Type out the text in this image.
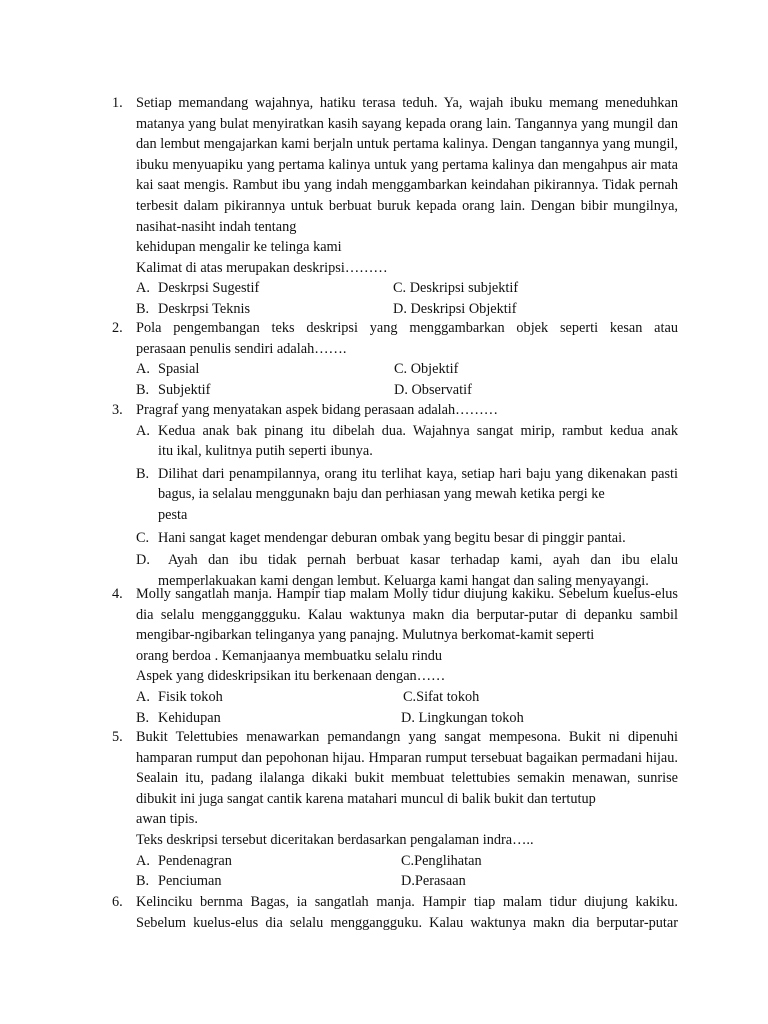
1. Setiap memandang wajahnya, hatiku terasa teduh. Ya, wajah ibuku memang meneduhkan matanya yang bulat menyiratkan kasih sayang kepada orang lain. Tangannya yang mungil dan dan lembut mengajarkan kami berjaln untuk pertama kalinya. Dengan tangannya yang mungil, ibuku menyuapiku yang pertama kalinya untuk yang pertama kalinya dan mengahpus air mata kai saat mengis. Rambut ibu yang indah menggambarkan keindahan pikirannya. Tidak pernah terbesit dalam pikirannya untuk berbuat buruk kepada orang lain. Dengan bibir mungilnya, nasihat-nasiht indah tentang
kehidupan mengalir ke telinga kami
Kalimat di atas merupakan deskripsi………
A. Deskrpsi Sugestif	C. Deskripsi subjektif
B. Deskrpsi Teknis	D. Deskripsi Objektif
2. Pola pengembangan teks deskripsi yang menggambarkan objek seperti kesan atau
perasaan penulis sendiri adalah…….
A. Spasial	C. Objektif
B. Subjektif	D. Observatif
3. Pragraf yang menyatakan aspek bidang perasaan adalah………
A. Kedua anak bak pinang itu dibelah dua. Wajahnya sangat mirip, rambut kedua anak
itu ikal, kulitnya putih seperti ibunya.
B. Dilihat dari penampilannya, orang itu terlihat kaya, setiap hari baju yang dikenakan pasti bagus, ia selalau menggunakn baju dan perhiasan yang mewah ketika pergi ke
pesta
C. Hani sangat kaget mendengar deburan ombak yang begitu besar di pinggir pantai.
D.	Ayah dan ibu tidak pernah berbuat kasar terhadap kami, ayah dan ibu elalu
memperlakuakan kami dengan lembut. Keluarga kami hangat dan saling menyayangi.
4. Molly sangatlah manja. Hampir tiap malam Molly tidur diujung kakiku. Sebelum kuelus-elus dia selalu mengganggguku. Kalau waktunya makn dia berputar-putar di depanku sambil mengibar-ngibarkan telinganya yang panajng. Mulutnya berkomat-kamit seperti
orang berdoa . Kemanjaanya membuatku selalu rindu
Aspek yang dideskripsikan itu berkenaan dengan……
A. Fisik tokoh	C.Sifat tokoh
B. Kehidupan	D. Lingkungan tokoh
5. Bukit Telettubies menawarkan pemandangn yang sangat mempesona. Bukit ni dipenuhi hamparan rumput dan pepohonan hijau. Hmparan rumput tersebuat bagaikan permadani hijau. Sealain itu, padang ilalanga dikaki bukit membuat telettubies semakin menawan, sunrise dibukit ini juga sangat cantik karena matahari muncul di balik bukit dan tertutup
awan tipis.
Teks deskripsi tersebut diceritakan berdasarkan pengalaman indra…..
A. Pendenagran	C.Penglihatan
B. Penciuman	D.Perasaan
6. Kelinciku bernma Bagas, ia sangatlah manja. Hampir tiap malam tidur diujung kakiku. Sebelum kuelus-elus dia selalu menggangguku. Kalau waktunya makn dia berputar-putar
